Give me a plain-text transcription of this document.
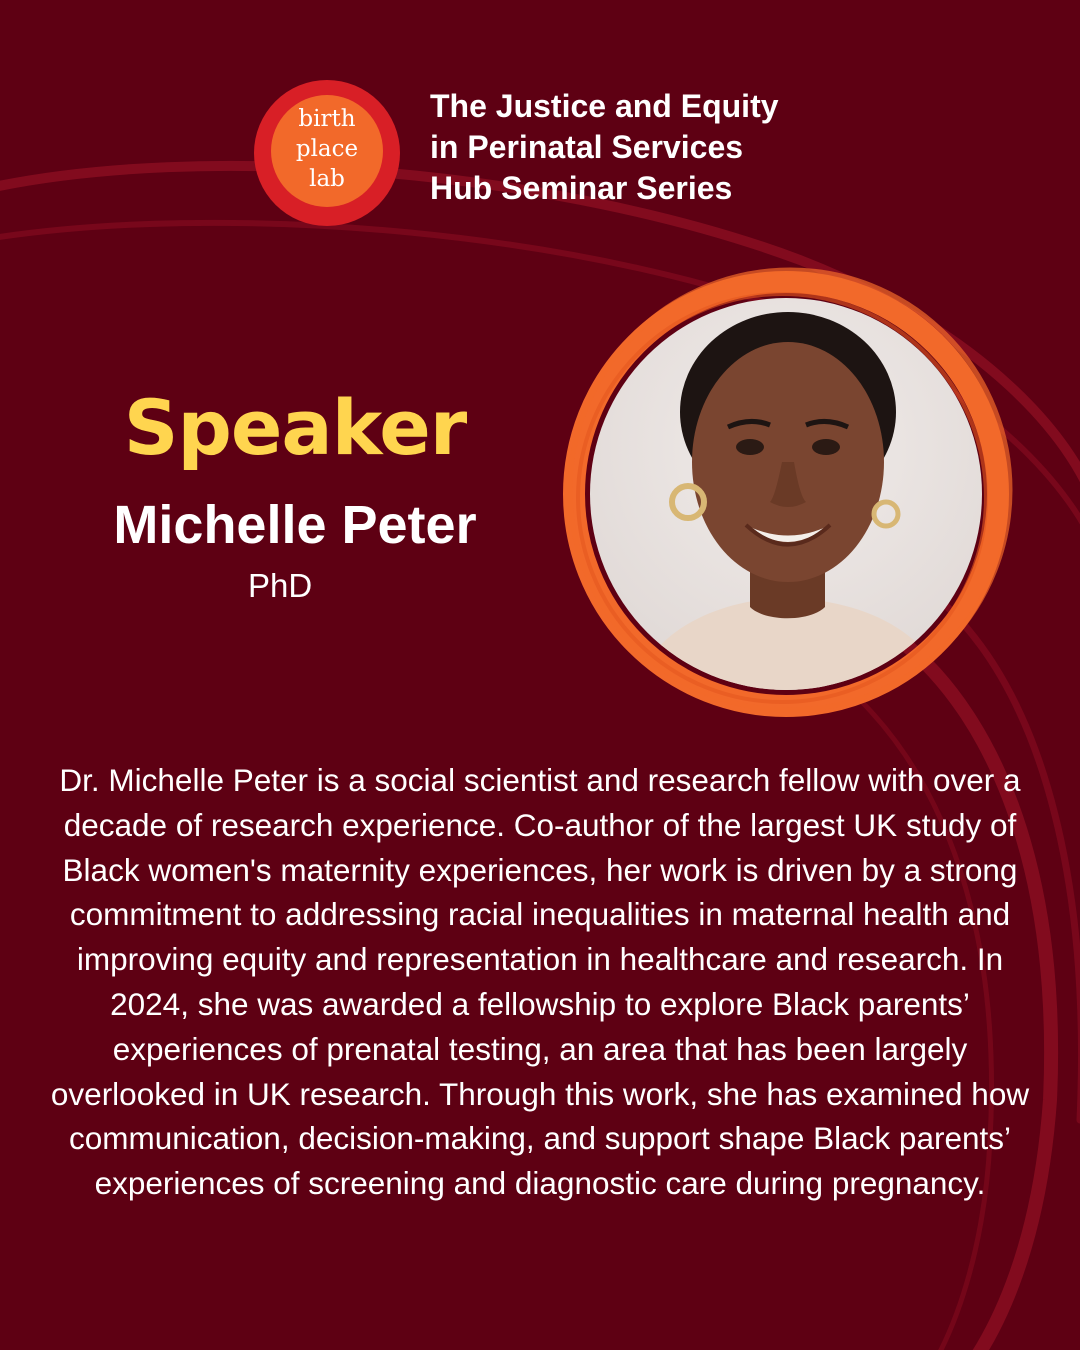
birth
place
lab
The Justice and Equity
in Perinatal Services
Hub Seminar Series
Speaker
Michelle Peter
PhD
Dr. Michelle Peter is a social scientist and research fellow with over a decade of research experience. Co-author of the largest UK study of Black women's maternity experiences, her work is driven by a strong commitment to addressing racial inequalities in maternal health and improving equity and representation in healthcare and research. In 2024, she was awarded a fellowship to explore Black parents’ experiences of prenatal testing, an area that has been largely overlooked in UK research. Through this work, she has examined how communication, decision-making, and support shape Black parents’ experiences of screening and diagnostic care during pregnancy.
